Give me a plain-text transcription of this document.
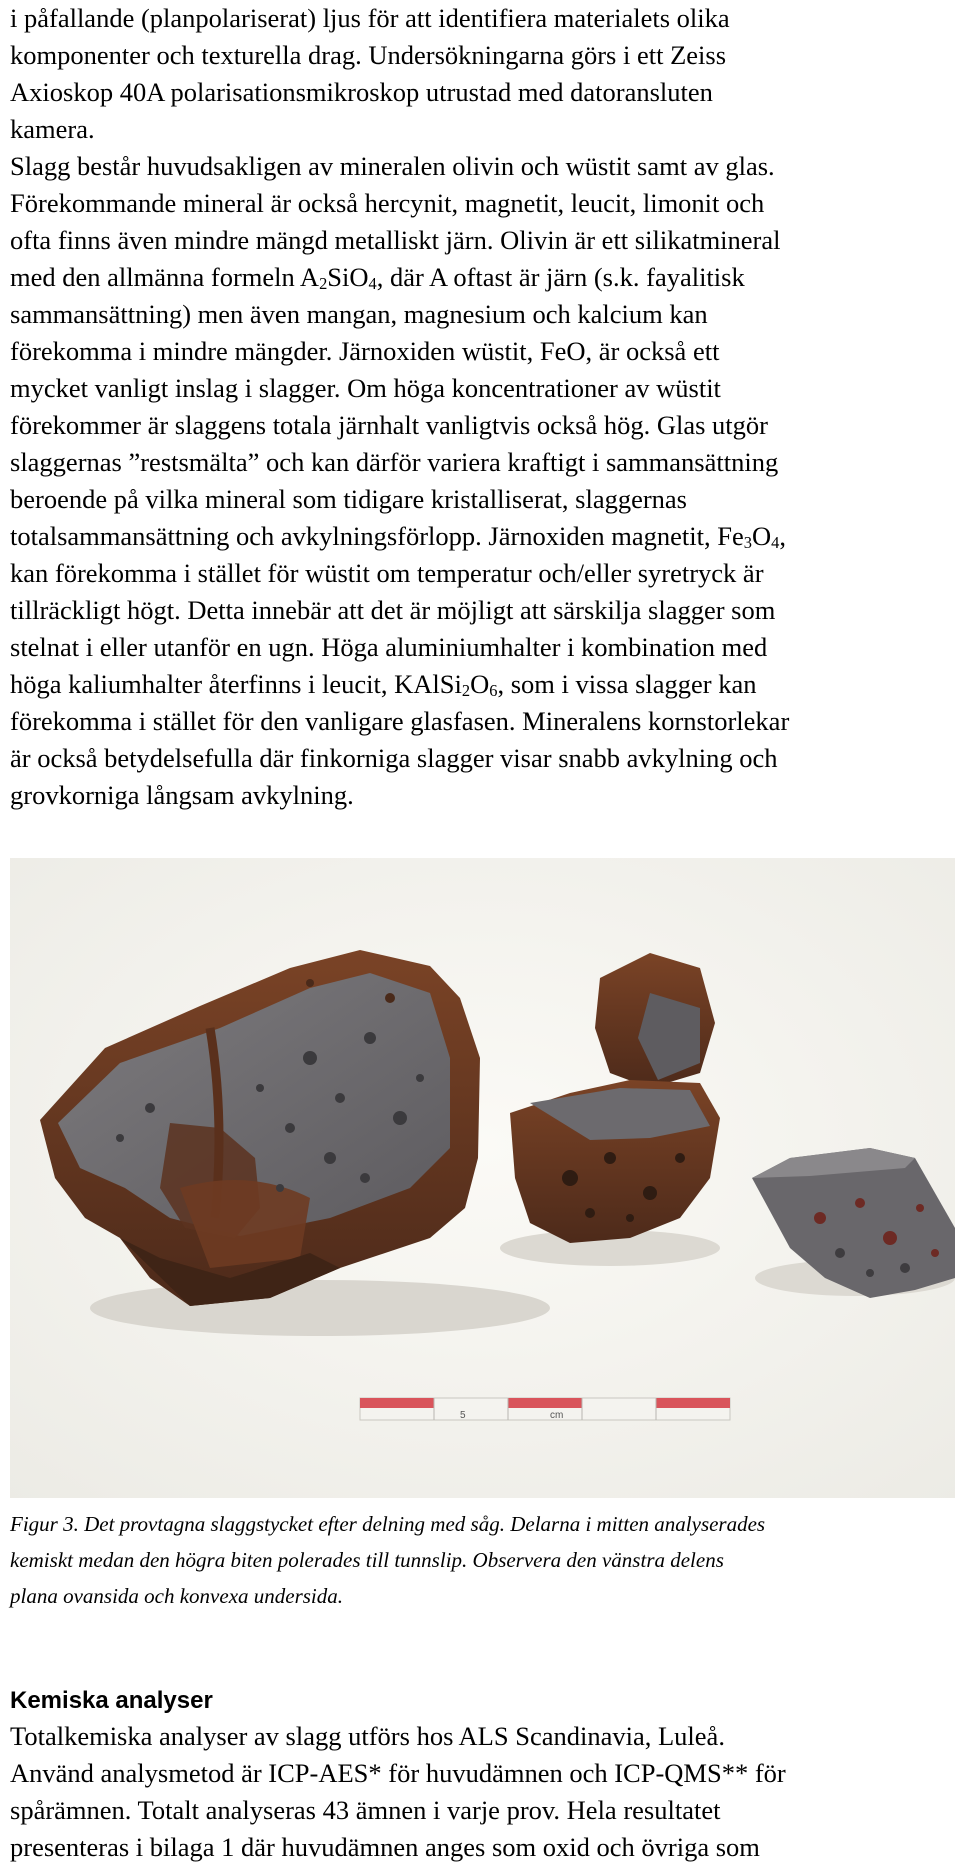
i påfallande (planpolariserat) ljus för att identifiera materialets olika
komponenter och texturella drag. Undersökningarna görs i ett Zeiss
Axioskop 40A polarisationsmikroskop utrustad med datoransluten
kamera.
Slagg består huvudsakligen av mineralen olivin och wüstit samt av glas.
Förekommande mineral är också hercynit, magnetit, leucit, limonit och
ofta finns även mindre mängd metalliskt järn. Olivin är ett silikatmineral
med den allmänna formeln $A_2SiO_4$, där A oftast är järn (s.k. fayalitisk
sammansättning) men även mangan, magnesium och kalcium kan
förekomma i mindre mängder. Järnoxiden wüstit, FeO, är också ett
mycket vanligt inslag i slagger. Om höga koncentrationer av wüstit
förekommer är slaggens totala järnhalt vanligtvis också hög. Glas utgör
slaggernas ”restsmälta” och kan därför variera kraftigt i sammansättning
beroende på vilka mineral som tidigare kristalliserat, slaggernas
totalsammansättning och avkylningsförlopp. Järnoxiden magnetit, $Fe_3O_4$,
kan förekomma i stället för wüstit om temperatur och/eller syretryck är
tillräckligt högt. Detta innebär att det är möjligt att särskilja slagger som
stelnat i eller utanför en ugn. Höga aluminiumhalter i kombination med
höga kaliumhalter återfinns i leucit, $KAlSi_2O_6$, som i vissa slagger kan
förekomma i stället för den vanligare glasfasen. Mineralens kornstorlekar
är också betydelsefulla där finkorniga slagger visar snabb avkylning och
grovkorniga långsam avkylning.

5	cm

Figur 3. Det provtagna slaggstycket efter delning med såg. Delarna i mitten analyserades
kemiskt medan den högra biten polerades till tunnslip. Observera den vänstra delens
plana ovansida och konvexa undersida.

Kemiska analyser

Totalkemiska analyser av slagg utförs hos ALS Scandinavia, Luleå.
Använd analysmetod är ICP-AES* för huvudämnen och ICP-QMS** för
spårämnen. Totalt analyseras 43 ämnen i varje prov. Hela resultatet
presenteras i bilaga 1 där huvudämnen anges som oxid och övriga som
